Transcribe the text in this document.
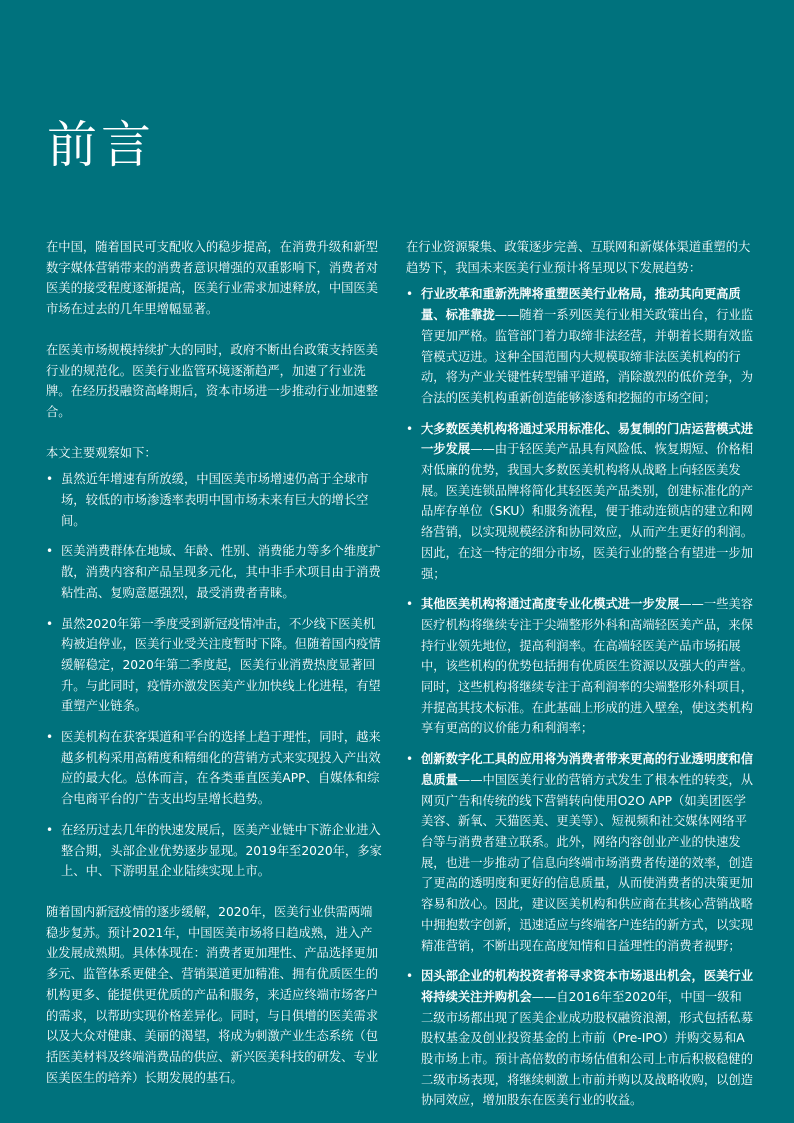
前言

在中国，随着国民可支配收入的稳步提高，在消费升级和新型数字媒体营销带来的消费者意识增强的双重影响下，消费者对医美的接受程度逐渐提高，医美行业需求加速释放，中国医美市场在过去的几年里增幅显著。

在医美市场规模持续扩大的同时，政府不断出台政策支持医美行业的规范化。医美行业监管环境逐渐趋严，加速了行业洗牌。在经历投融资高峰期后，资本市场进一步推动行业加速整合。

本文主要观察如下：

• 虽然近年增速有所放缓，中国医美市场增速仍高于全球市场，较低的市场渗透率表明中国市场未来有巨大的增长空间。
• 医美消费群体在地域、年龄、性别、消费能力等多个维度扩散，消费内容和产品呈现多元化，其中非手术项目由于消费粘性高、复购意愿强烈，最受消费者青睐。
• 虽然2020年第一季度受到新冠疫情冲击，不少线下医美机构被迫停业，医美行业受关注度暂时下降。但随着国内疫情缓解稳定，2020年第二季度起，医美行业消费热度显著回升。与此同时，疫情亦激发医美产业加快线上化进程，有望重塑产业链条。
• 医美机构在获客渠道和平台的选择上趋于理性，同时，越来越多机构采用高精度和精细化的营销方式来实现投入产出效应的最大化。总体而言，在各类垂直医美APP、自媒体和综合电商平台的广告支出均呈增长趋势。
• 在经历过去几年的快速发展后，医美产业链中下游企业进入整合期，头部企业优势逐步显现。2019年至2020年，多家上、中、下游明星企业陆续实现上市。

随着国内新冠疫情的逐步缓解，2020年，医美行业供需两端稳步复苏。预计2021年，中国医美市场将日趋成熟，进入产业发展成熟期。具体体现在：消费者更加理性、产品选择更加多元、监管体系更健全、营销渠道更加精准、拥有优质医生的机构更多、能提供更优质的产品和服务，来适应终端市场客户的需求，以帮助实现价格差异化。同时，与日俱增的医美需求以及大众对健康、美丽的渴望，将成为刺激产业生态系统（包括医美材料及终端消费品的供应、新兴医美科技的研发、专业医美医生的培养）长期发展的基石。

在行业资源聚集、政策逐步完善、互联网和新媒体渠道重塑的大趋势下，我国未来医美行业预计将呈现以下发展趋势：

• 行业改革和重新洗牌将重塑医美行业格局，推动其向更高质量、标准靠拢——随着一系列医美行业相关政策出台，行业监管更加严格。监管部门着力取缔非法经营，并朝着长期有效监管模式迈进。这种全国范围内大规模取缔非法医美机构的行动，将为产业关键性转型铺平道路，消除激烈的低价竞争，为合法的医美机构重新创造能够渗透和挖掘的市场空间；
• 大多数医美机构将通过采用标准化、易复制的门店运营模式进一步发展——由于轻医美产品具有风险低、恢复期短、价格相对低廉的优势，我国大多数医美机构将从战略上向轻医美发展。医美连锁品牌将简化其轻医美产品类别，创建标准化的产品库存单位（SKU）和服务流程，便于推动连锁店的建立和网络营销，以实现规模经济和协同效应，从而产生更好的利润。因此，在这一特定的细分市场，医美行业的整合有望进一步加强；
• 其他医美机构将通过高度专业化模式进一步发展——一些美容医疗机构将继续专注于尖端整形外科和高端轻医美产品，来保持行业领先地位，提高利润率。在高端轻医美产品市场拓展中，该些机构的优势包括拥有优质医生资源以及强大的声誉。同时，这些机构将继续专注于高利润率的尖端整形外科项目，并提高其技术标准。在此基础上形成的进入壁垒，使这类机构享有更高的议价能力和利润率；
• 创新数字化工具的应用将为消费者带来更高的行业透明度和信息质量——中国医美行业的营销方式发生了根本性的转变，从网页广告和传统的线下营销转向使用O2O APP（如美团医学美容、新氧、天猫医美、更美等）、短视频和社交媒体网络平台等与消费者建立联系。此外，网络内容创业产业的快速发展，也进一步推动了信息向终端市场消费者传递的效率，创造了更高的透明度和更好的信息质量，从而使消费者的决策更加容易和放心。因此，建议医美机构和供应商在其核心营销战略中拥抱数字创新，迅速适应与终端客户连结的新方式，以实现精准营销，不断出现在高度知情和日益理性的消费者视野；
• 因头部企业的机构投资者将寻求资本市场退出机会，医美行业将持续关注并购机会——自2016年至2020年，中国一级和二级市场都出现了医美企业成功股权融资浪潮，形式包括私募股权基金及创业投资基金的上市前（Pre-IPO）并购交易和A股市场上市。预计高倍数的市场估值和公司上市后积极稳健的二级市场表现，将继续刺激上市前并购以及战略收购，以创造协同效应，增加股东在医美行业的收益。
